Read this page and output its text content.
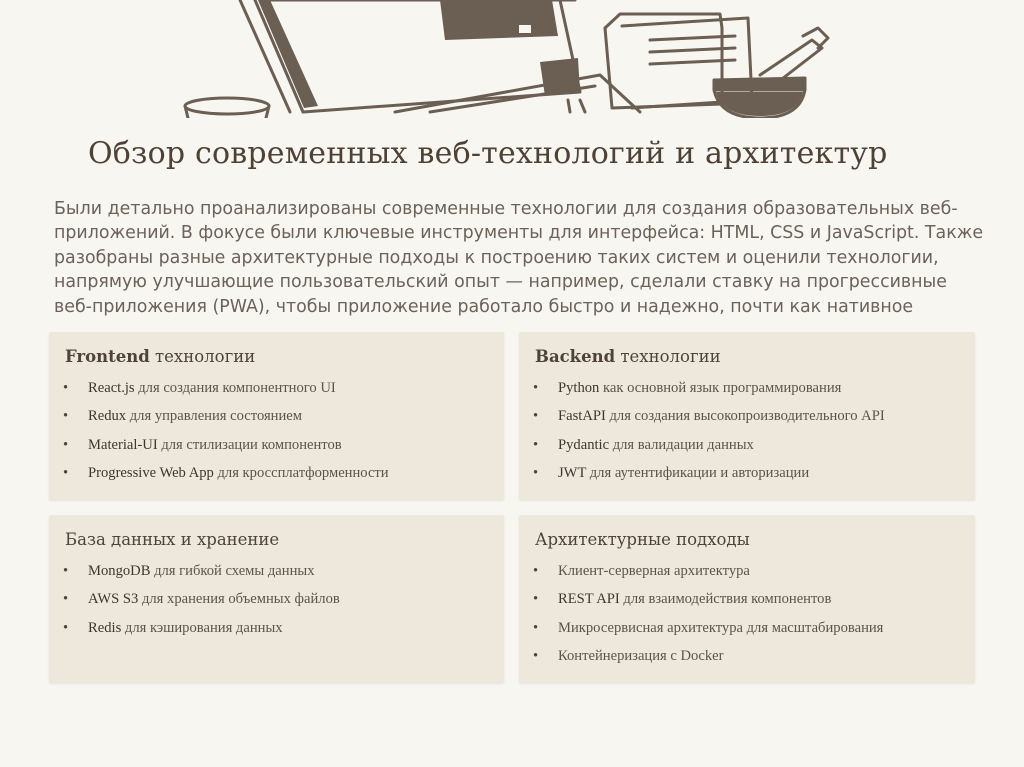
Обзор современных веб-технологий и архитектур

Были детально проанализированы современные технологии для создания образовательных веб-приложений. В фокусе были ключевые инструменты для интерфейса: HTML, CSS и JavaScript. Также разобраны разные архитектурные подходы к построению таких систем и оценили технологии, напрямую улучшающие пользовательский опыт — например, сделали ставку на прогрессивные веб-приложения (PWA), чтобы приложение работало быстро и надежно, почти как нативное

Frontend технологии
• React.js для создания компонентного UI
• Redux для управления состоянием
• Material-UI для стилизации компонентов
• Progressive Web App для кроссплатформенности
Backend технологии
• Python как основной язык программирования
• FastAPI для создания высокопроизводительного API
• Pydantic для валидации данных
• JWT для аутентификации и авторизации
База данных и хранение
• MongoDB для гибкой схемы данных
• AWS S3 для хранения объемных файлов
• Redis для кэширования данных
Архитектурные подходы
• Клиент-серверная архитектура
• REST API для взаимодействия компонентов
• Микросервисная архитектура для масштабирования
• Контейнеризация с Docker
